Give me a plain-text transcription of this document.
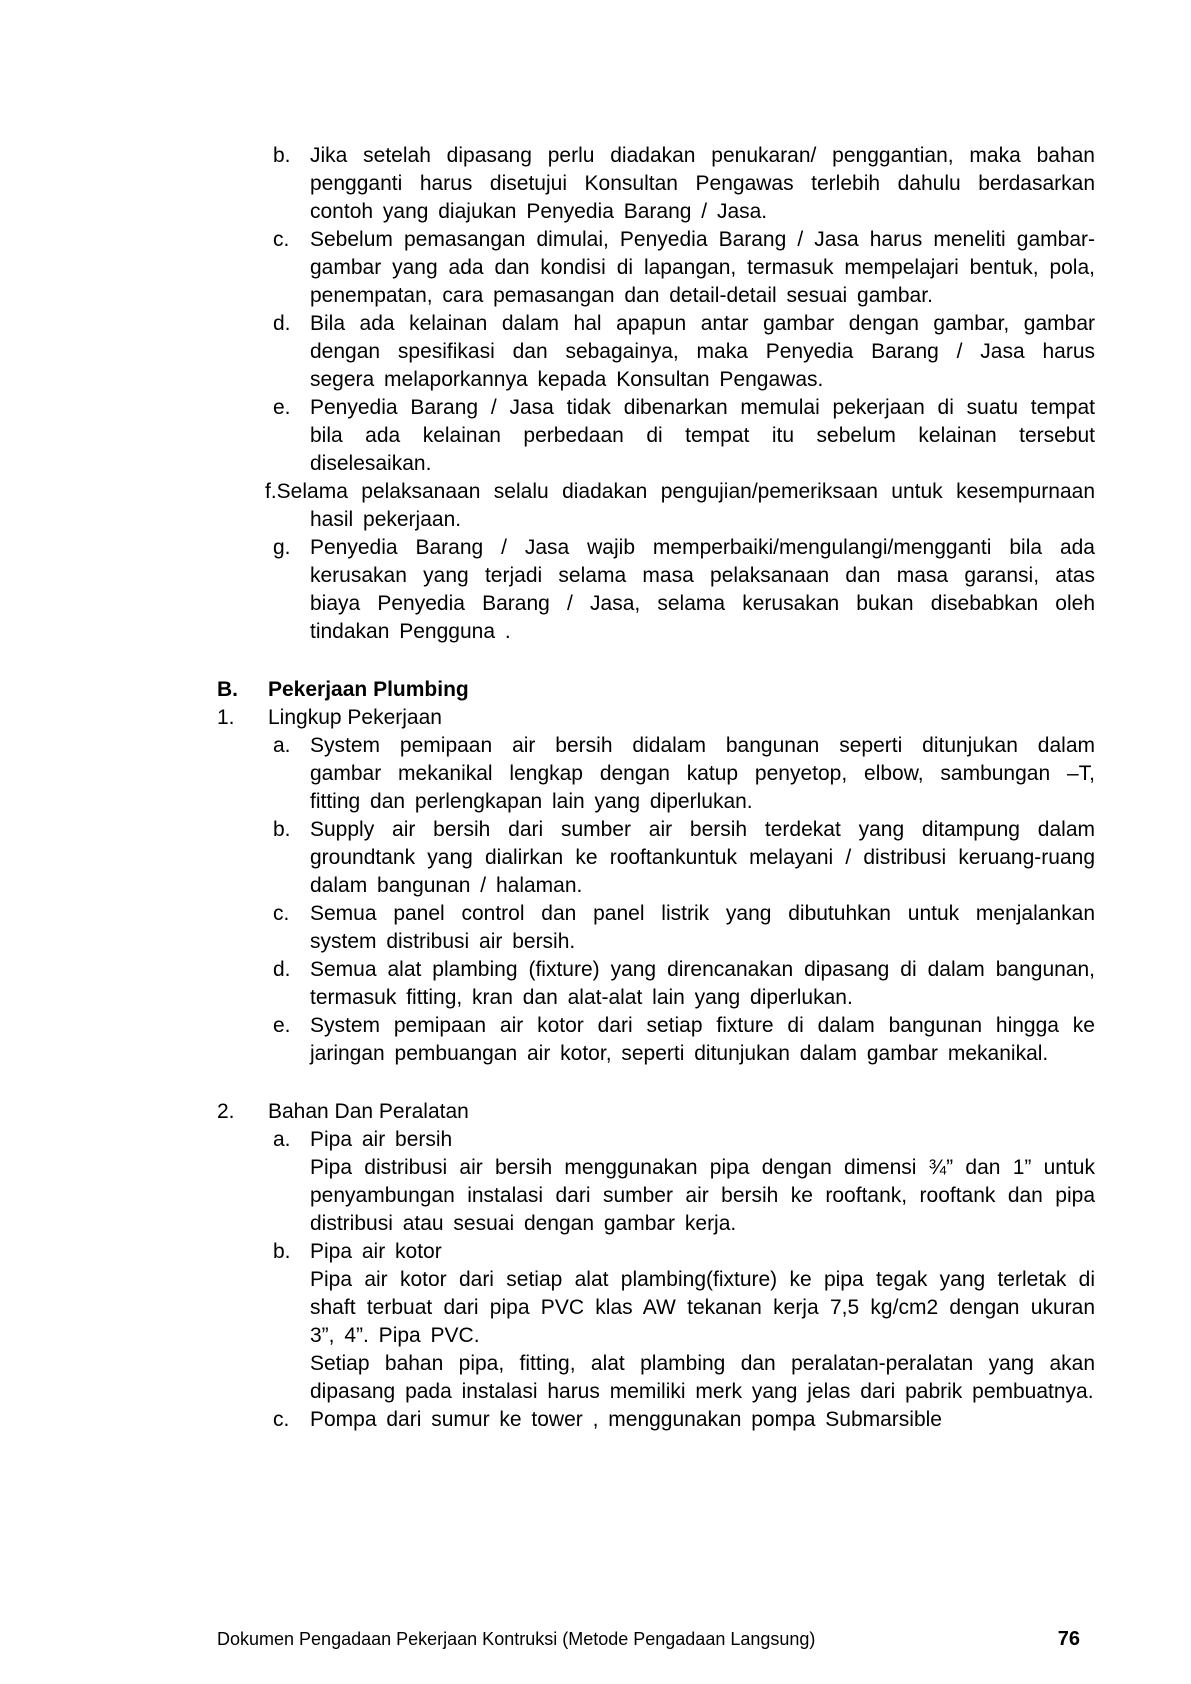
b. Jika setelah dipasang perlu diadakan penukaran/ penggantian, maka bahan pengganti harus disetujui Konsultan Pengawas terlebih dahulu berdasarkan contoh yang diajukan Penyedia Barang / Jasa.
c. Sebelum pemasangan dimulai, Penyedia Barang / Jasa harus meneliti gambar-gambar yang ada dan kondisi di lapangan, termasuk mempelajari bentuk, pola, penempatan, cara pemasangan dan detail-detail sesuai gambar.
d. Bila ada kelainan dalam hal apapun antar gambar dengan gambar, gambar dengan spesifikasi dan sebagainya, maka Penyedia Barang / Jasa harus segera melaporkannya kepada Konsultan Pengawas.
e. Penyedia Barang / Jasa tidak dibenarkan memulai pekerjaan di suatu tempat bila ada kelainan perbedaan di tempat itu sebelum kelainan tersebut diselesaikan.
f.Selama pelaksanaan selalu diadakan pengujian/pemeriksaan untuk kesempurnaan hasil pekerjaan.
g. Penyedia Barang / Jasa wajib memperbaiki/mengulangi/mengganti bila ada kerusakan yang terjadi selama masa pelaksanaan dan masa garansi, atas biaya Penyedia Barang / Jasa, selama kerusakan bukan disebabkan oleh tindakan Pengguna .
B. Pekerjaan Plumbing
1. Lingkup Pekerjaan
a. System pemipaan air bersih didalam bangunan seperti ditunjukan dalam gambar mekanikal lengkap dengan katup penyetop, elbow, sambungan –T, fitting dan perlengkapan lain yang diperlukan.
b. Supply air bersih dari sumber air bersih terdekat yang ditampung dalam groundtank yang dialirkan ke rooftankuntuk melayani / distribusi keruang-ruang dalam bangunan / halaman.
c. Semua panel control dan panel listrik yang dibutuhkan untuk menjalankan system distribusi air bersih.
d. Semua alat plambing (fixture) yang direncanakan dipasang di dalam bangunan, termasuk fitting, kran dan alat-alat lain yang diperlukan.
e. System pemipaan air kotor dari setiap fixture di dalam bangunan hingga ke jaringan pembuangan air kotor, seperti ditunjukan dalam gambar mekanikal.
2. Bahan Dan Peralatan
a. Pipa air bersih
Pipa distribusi air bersih menggunakan pipa dengan dimensi ¾” dan 1” untuk penyambungan instalasi dari sumber air bersih ke rooftank, rooftank dan pipa distribusi atau sesuai dengan gambar kerja.
b. Pipa air kotor
Pipa air kotor dari setiap alat plambing(fixture) ke pipa tegak yang terletak di shaft terbuat dari pipa PVC klas AW tekanan kerja 7,5 kg/cm2 dengan ukuran 3”, 4”. Pipa PVC.
Setiap bahan pipa, fitting, alat plambing dan peralatan-peralatan yang akan dipasang pada instalasi harus memiliki merk yang jelas dari pabrik pembuatnya.
c. Pompa dari sumur ke tower , menggunakan pompa Submarsible
Dokumen Pengadaan Pekerjaan Kontruksi (Metode Pengadaan Langsung)	76
